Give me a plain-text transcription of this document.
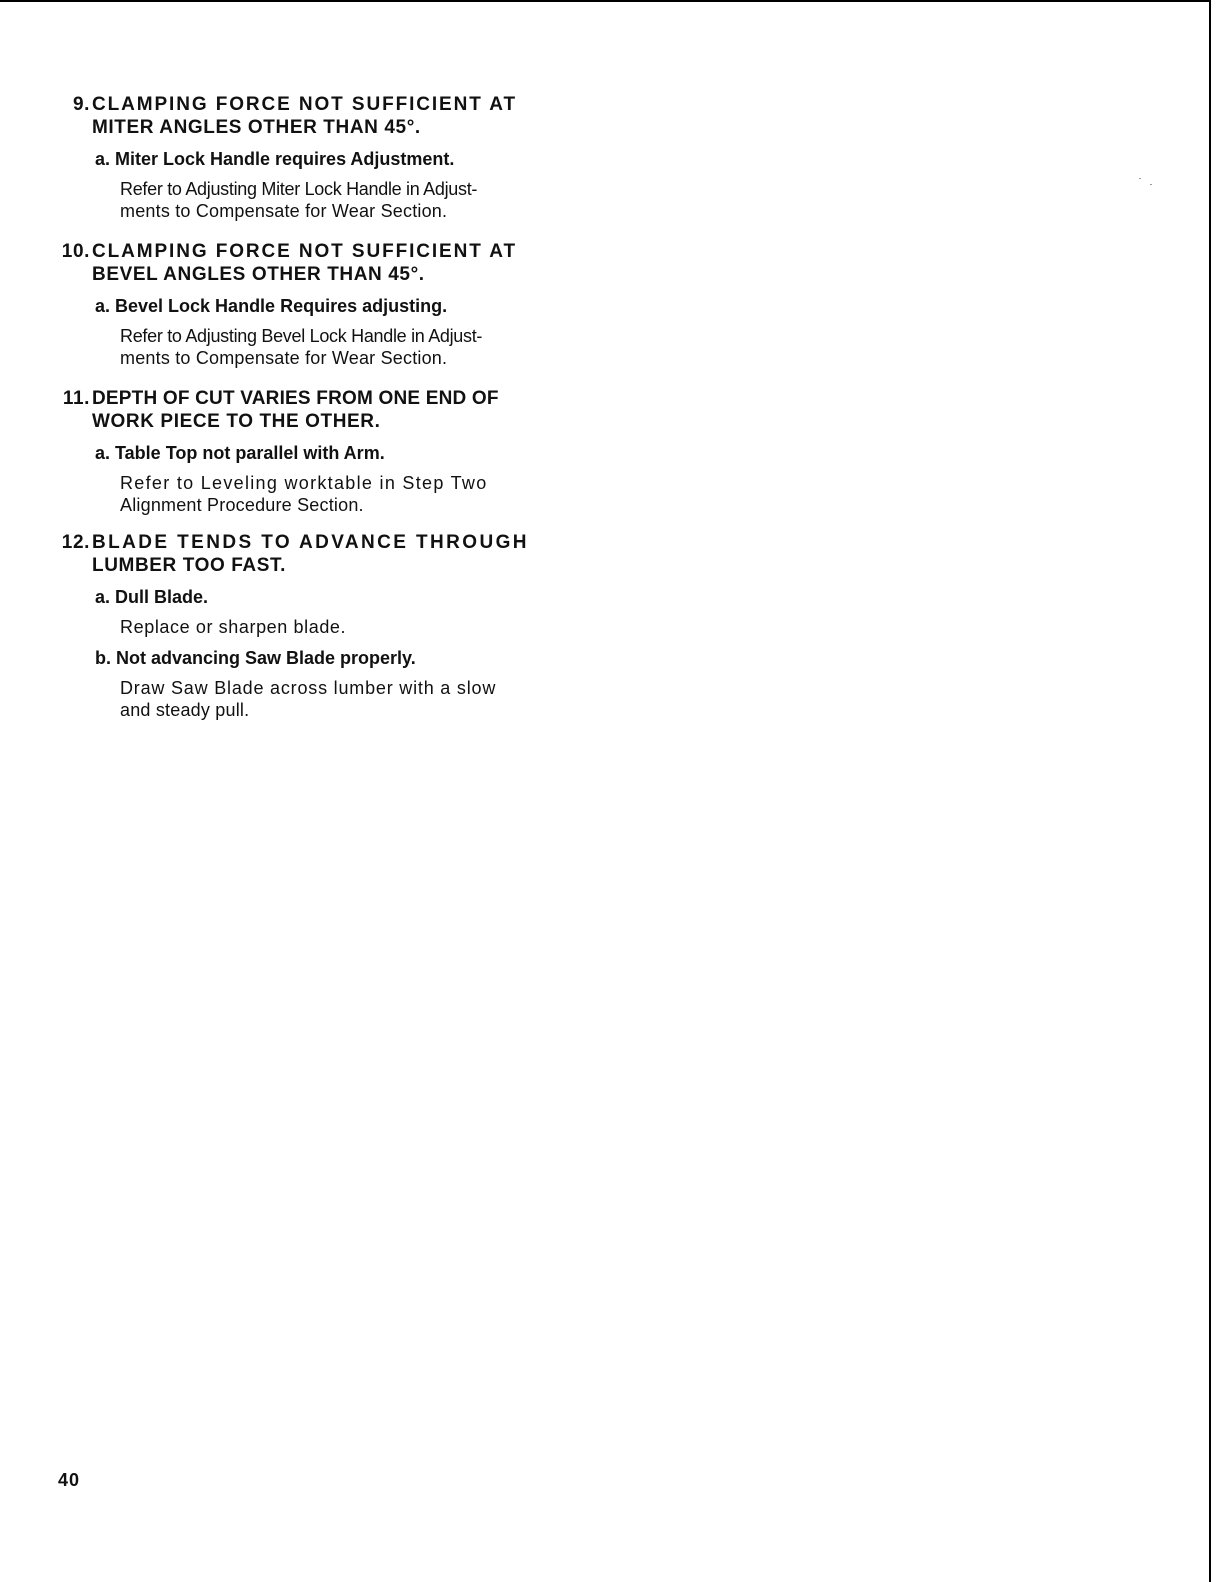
9. CLAMPING FORCE NOT SUFFICIENT AT
MITER ANGLES OTHER THAN 45°.
a. Miter Lock Handle requires Adjustment.
Refer to Adjusting Miter Lock Handle in Adjust-
ments to Compensate for Wear Section.
10. CLAMPING FORCE NOT SUFFICIENT AT
BEVEL ANGLES OTHER THAN 45°.
a. Bevel Lock Handle Requires adjusting.
Refer to Adjusting Bevel Lock Handle in Adjust-
ments to Compensate for Wear Section.
11. DEPTH OF CUT VARIES FROM ONE END OF
WORK PIECE TO THE OTHER.
a. Table Top not parallel with Arm.
Refer to Leveling worktable in Step Two
Alignment Procedure Section.
12. BLADE TENDS TO ADVANCE THROUGH
LUMBER TOO FAST.
a. Dull Blade.
Replace or sharpen blade.
b. Not advancing Saw Blade properly.
Draw Saw Blade across lumber with a slow
and steady pull.
40
